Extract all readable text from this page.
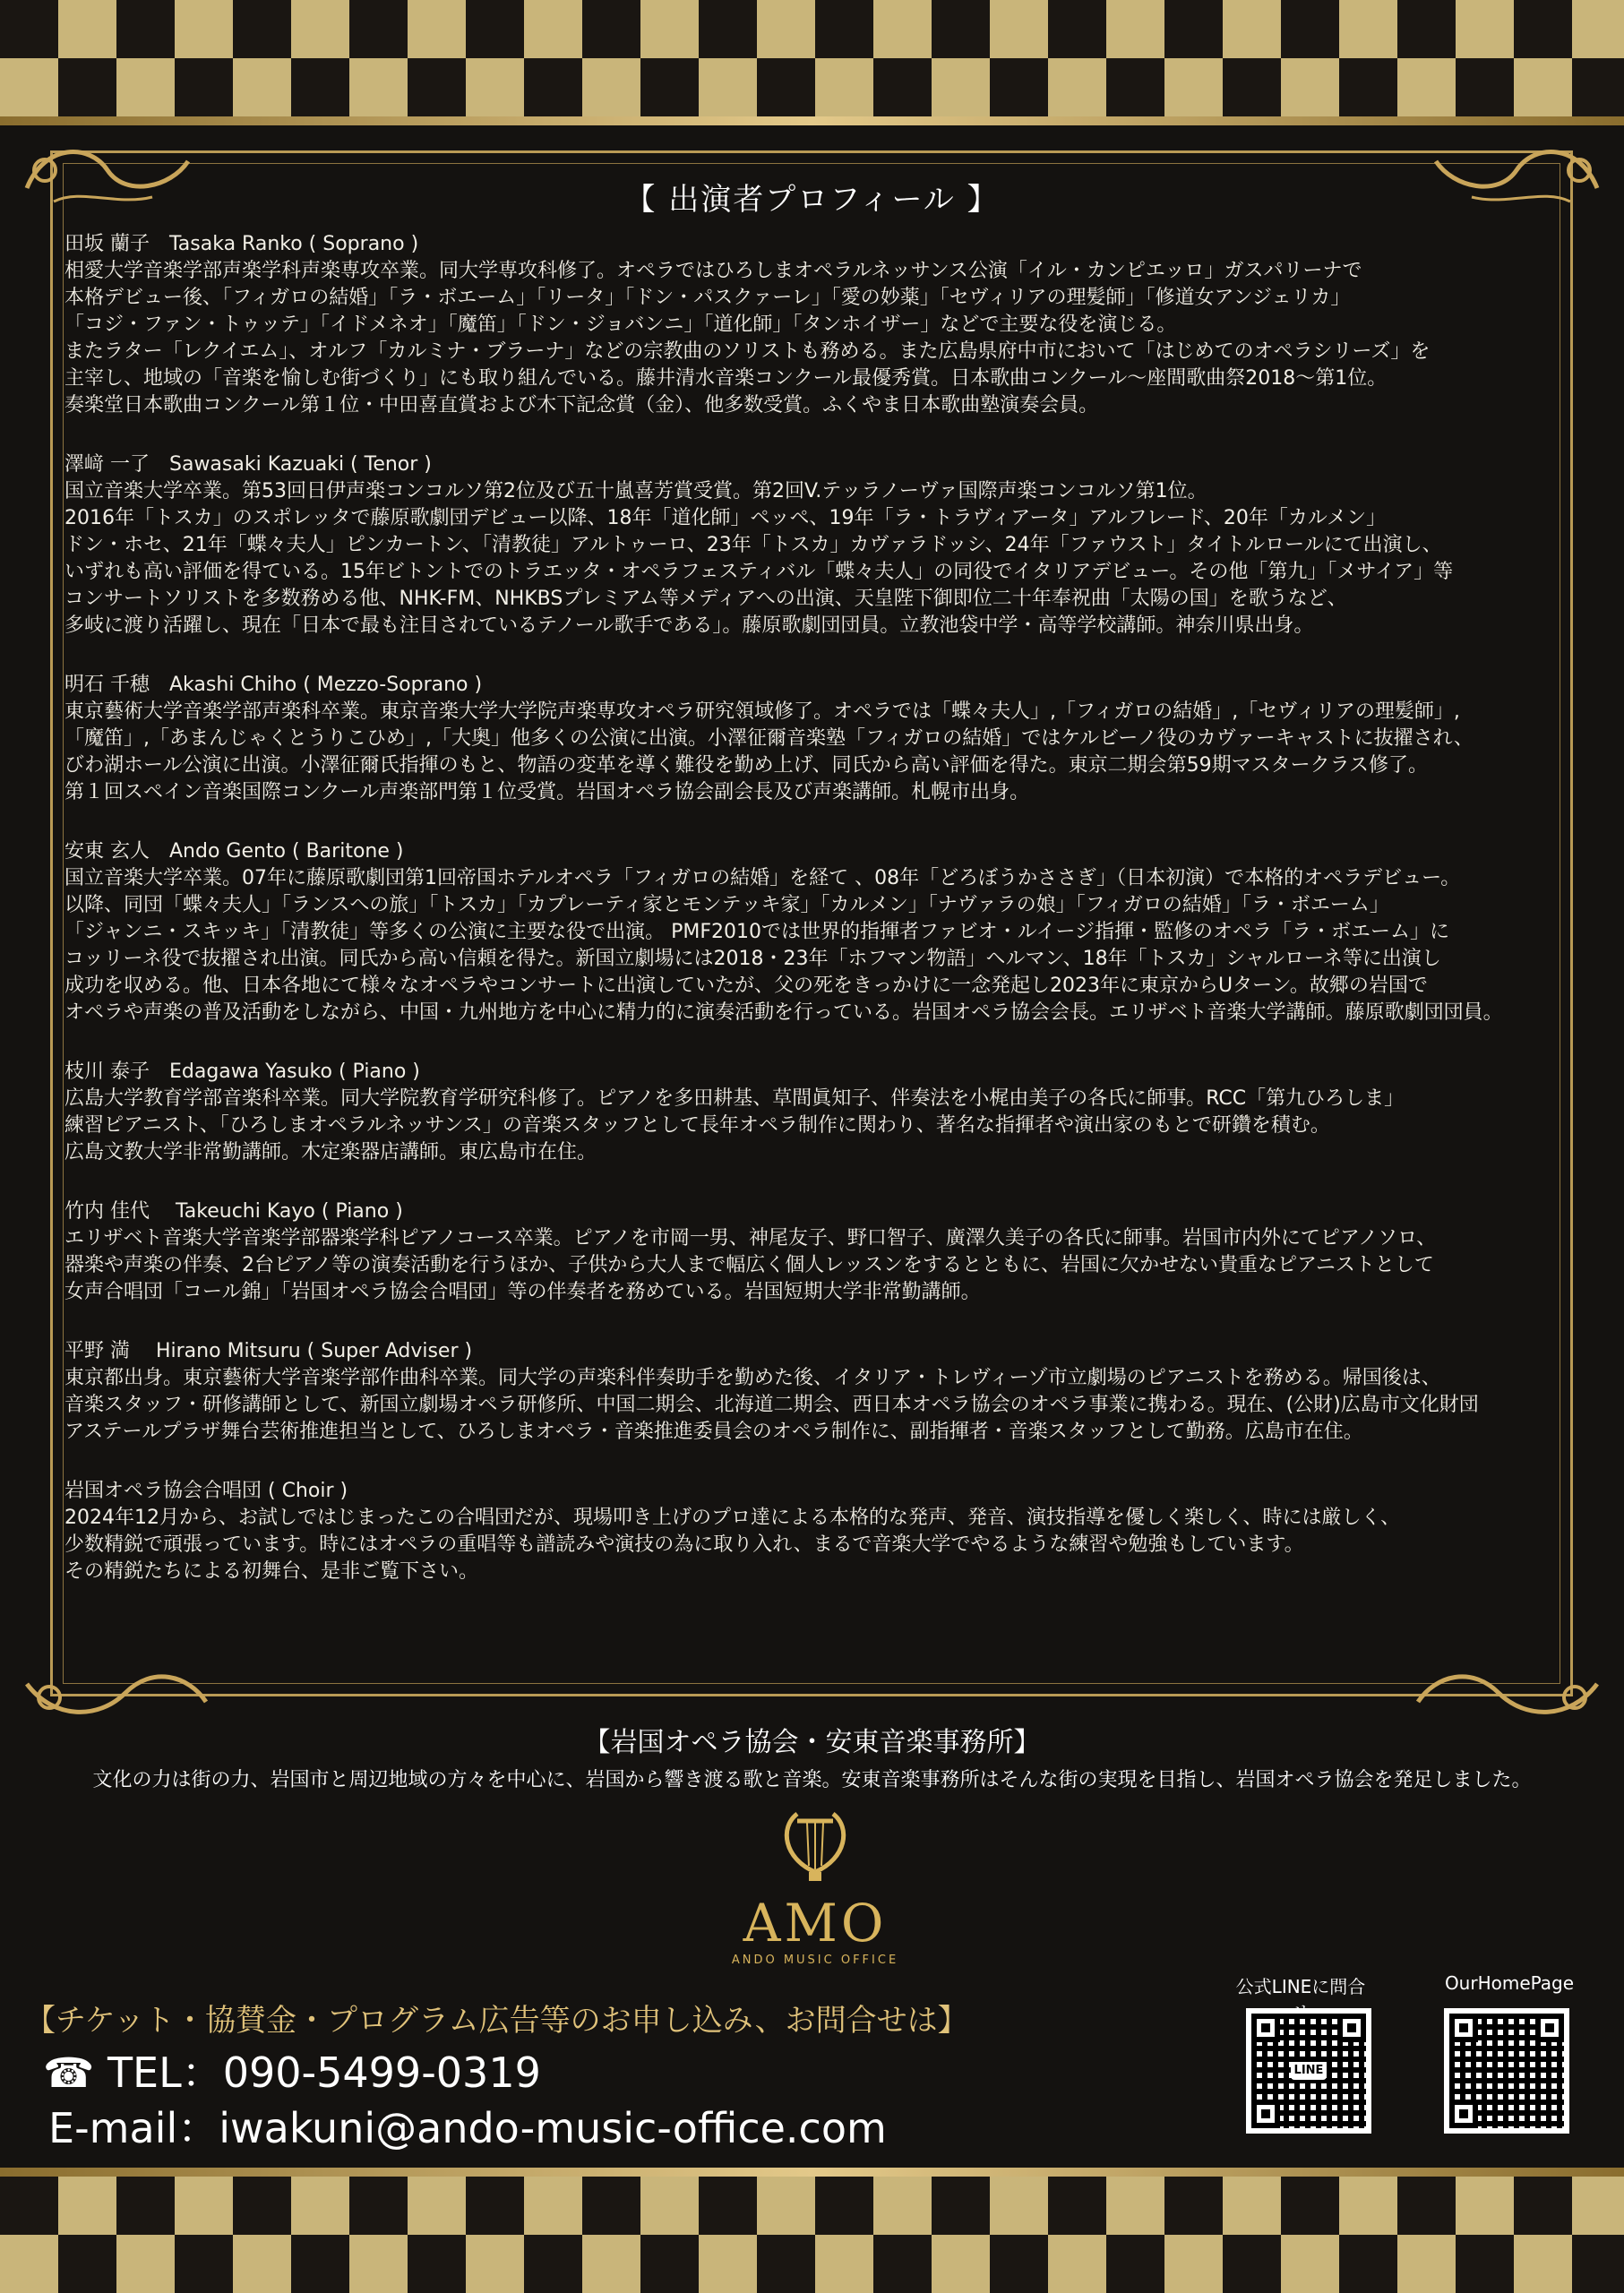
【 出演者プロフィール 】
田坂 蘭子　Tasaka Ranko ( Soprano )

相愛大学音楽学部声楽学科声楽専攻卒業。同大学専攻科修了。オペラではひろしまオペラルネッサンス公演「イル・カンピエッロ」ガスパリーナで

本格デビュー後、「フィガロの結婚」「ラ・ボエーム」「リータ」「ドン・パスクァーレ」「愛の妙薬」「セヴィリアの理髪師」「修道女アンジェリカ」

「コジ・ファン・トゥッテ」「イドメネオ」「魔笛」「ドン・ジョバンニ」「道化師」「タンホイザー」などで主要な役を演じる。

またラター「レクイエム」、オルフ「カルミナ・ブラーナ」などの宗教曲のソリストも務める。また広島県府中市において「はじめてのオペラシリーズ」を

主宰し、地域の「音楽を愉しむ街づくり」にも取り組んでいる。藤井清水音楽コンクール最優秀賞。日本歌曲コンクール～座間歌曲祭2018～第1位。

奏楽堂日本歌曲コンクール第１位・中田喜直賞および木下記念賞（金）、他多数受賞。ふくやま日本歌曲塾演奏会員。

澤﨑 一了　Sawasaki Kazuaki ( Tenor )

国立音楽大学卒業。第53回日伊声楽コンコルソ第2位及び五十嵐喜芳賞受賞。第2回V.テッラノーヴァ国際声楽コンコルソ第1位。

2016年「トスカ」のスポレッタで藤原歌劇団デビュー以降、18年「道化師」ペッペ、19年「ラ・トラヴィアータ」アルフレード、20年「カルメン」

ドン・ホセ、21年「蝶々夫人」ピンカートン、「清教徒」アルトゥーロ、23年「トスカ」カヴァラドッシ、24年「ファウスト」タイトルロールにて出演し、

いずれも高い評価を得ている。15年ビトントでのトラエッタ・オペラフェスティバル「蝶々夫人」の同役でイタリアデビュー。その他「第九」「メサイア」等

コンサートソリストを多数務める他、NHK-FM、NHKBSプレミアム等メディアへの出演、天皇陛下御即位二十年奉祝曲「太陽の国」を歌うなど、

多岐に渡り活躍し、現在「日本で最も注目されているテノール歌手である」。藤原歌劇団団員。立教池袋中学・高等学校講師。神奈川県出身。

明石 千穂　Akashi Chiho ( Mezzo-Soprano )

東京藝術大学音楽学部声楽科卒業。東京音楽大学大学院声楽専攻オペラ研究領域修了。オペラでは「蝶々夫人」,「フィガロの結婚」,「セヴィリアの理髪師」,

「魔笛」,「あまんじゃくとうりこひめ」,「大奥」他多くの公演に出演。小澤征爾音楽塾「フィガロの結婚」ではケルビーノ役のカヴァーキャストに抜擢され、

びわ湖ホール公演に出演。小澤征爾氏指揮のもと、物語の変革を導く難役を勤め上げ、同氏から高い評価を得た。東京二期会第59期マスタークラス修了。

第１回スペイン音楽国際コンクール声楽部門第１位受賞。岩国オペラ協会副会長及び声楽講師。札幌市出身。

安東 玄人　Ando Gento ( Baritone )

国立音楽大学卒業。07年に藤原歌劇団第1回帝国ホテルオペラ「フィガロの結婚」を経て 、08年「どろぼうかささぎ」（日本初演）で本格的オペラデビュー。

以降、同団「蝶々夫人」「ランスへの旅」「トスカ」「カプレーティ家とモンテッキ家」「カルメン」「ナヴァラの娘」「フィガロの結婚」「ラ・ボエーム」

「ジャンニ・スキッキ」「清教徒」等多くの公演に主要な役で出演。 PMF2010では世界的指揮者ファビオ・ルイージ指揮・監修のオペラ「ラ・ボエーム」に

コッリーネ役で抜擢され出演。同氏から高い信頼を得た。新国立劇場には2018・23年「ホフマン物語」ヘルマン、18年「トスカ」シャルローネ等に出演し

成功を収める。他、日本各地にて様々なオペラやコンサートに出演していたが、父の死をきっかけに一念発起し2023年に東京からUターン。故郷の岩国で

オペラや声楽の普及活動をしながら、中国・九州地方を中心に精力的に演奏活動を行っている。岩国オペラ協会会長。エリザベト音楽大学講師。藤原歌劇団団員。

枝川 泰子　Edagawa Yasuko ( Piano )

広島大学教育学部音楽科卒業。同大学院教育学研究科修了。ピアノを多田耕基、草間眞知子、伴奏法を小梶由美子の各氏に師事。RCC「第九ひろしま」

練習ピアニスト、「ひろしまオペラルネッサンス」の音楽スタッフとして長年オペラ制作に関わり、著名な指揮者や演出家のもとで研鑽を積む。

広島文教大学非常勤講師。木定楽器店講師。東広島市在住。

竹内 佳代　 Takeuchi Kayo ( Piano )

エリザベト音楽大学音楽学部器楽学科ピアノコース卒業。ピアノを市岡一男、神尾友子、野口智子、廣澤久美子の各氏に師事。岩国市内外にてピアノソロ、

器楽や声楽の伴奏、2台ピアノ等の演奏活動を行うほか、子供から大人まで幅広く個人レッスンをするとともに、岩国に欠かせない貴重なピアニストとして

女声合唱団「コール錦」「岩国オペラ協会合唱団」等の伴奏者を務めている。岩国短期大学非常勤講師。

平野 満　 Hirano Mitsuru ( Super Adviser )

東京都出身。東京藝術大学音楽学部作曲科卒業。同大学の声楽科伴奏助手を勤めた後、イタリア・トレヴィーゾ市立劇場のピアニストを務める。帰国後は、

音楽スタッフ・研修講師として、新国立劇場オペラ研修所、中国二期会、北海道二期会、西日本オペラ協会のオペラ事業に携わる。現在、(公財)広島市文化財団

アステールプラザ舞台芸術推進担当として、ひろしまオペラ・音楽推進委員会のオペラ制作に、副指揮者・音楽スタッフとして勤務。広島市在住。

岩国オペラ協会合唱団 ( Choir )

2024年12月から、お試しではじまったこの合唱団だが、現場叩き上げのプロ達による本格的な発声、発音、演技指導を優しく楽しく、時には厳しく、

少数精鋭で頑張っています。時にはオペラの重唱等も譜読みや演技の為に取り入れ、まるで音楽大学でやるような練習や勉強もしています。

その精鋭たちによる初舞台、是非ご覧下さい。

【岩国オペラ協会・安東音楽事務所】
文化の力は街の力、岩国市と周辺地域の方々を中心に、岩国から響き渡る歌と音楽。安東音楽事務所はそんな街の実現を目指し、岩国オペラ協会を発足しました。
AMO
ANDO MUSIC OFFICE
【チケット・協賛金・プログラム広告等のお申し込み、お問合せは】
☎ TEL：090-5499-0319
E-mail：iwakuni@ando-music-office.com
公式LINEに問合
LINE
OurHomePage
